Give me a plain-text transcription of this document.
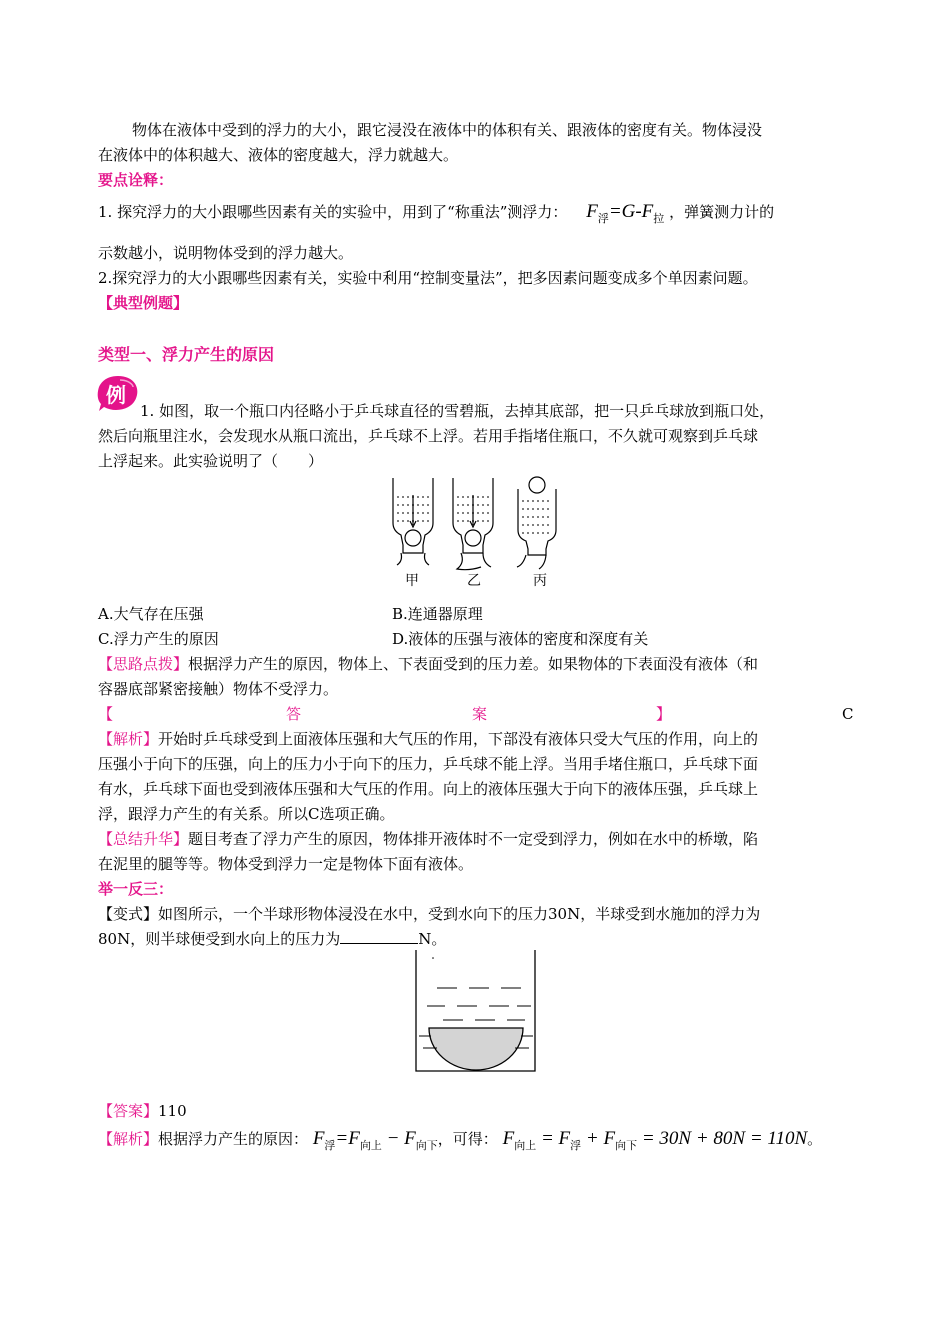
物体在液体中受到的浮力的大小，跟它浸没在液体中的体积有关、跟液体的密度有关。物体浸没
在液体中的体积越大、液体的密度越大，浮力就越大。
要点诠释：
1. 探究浮力的大小跟哪些因素有关的实验中，用到了“称重法”测浮力： $F_浮=G-F_拉$ ，弹簧测力计的
示数越小，说明物体受到的浮力越大。
2.探究浮力的大小跟哪些因素有关，实验中利用“控制变量法”，把多因素问题变成多个单因素问题。
【典型例题】
类型一、浮力产生的原因
例
1. 如图，取一个瓶口内径略小于乒乓球直径的雪碧瓶，去掉其底部，把一只乒乓球放到瓶口处，
然后向瓶里注水，会发现水从瓶口流出，乒乓球不上浮。若用手指堵住瓶口，不久就可观察到乒乓球
上浮起来。此实验说明了（　　）
甲	乙	丙
A.大气存在压强	B.连通器原理
C.浮力产生的原因	D.液体的压强与液体的密度和深度有关
【思路点拨】根据浮力产生的原因，物体上、下表面受到的压力差。如果物体的下表面没有液体（和
容器底部紧密接触）物体不受浮力。
【	答	案	】	C
【解析】开始时乒乓球受到上面液体压强和大气压的作用，下部没有液体只受大气压的作用，向上的
压强小于向下的压强，向上的压力小于向下的压力，乒乓球不能上浮。当用手堵住瓶口，乒乓球下面
有水，乒乓球下面也受到液体压强和大气压的作用。向上的液体压强大于向下的液体压强，乒乓球上
浮，跟浮力产生的有关系。所以C选项正确。
【总结升华】题目考查了浮力产生的原因，物体排开液体时不一定受到浮力，例如在水中的桥墩，陷
在泥里的腿等等。物体受到浮力一定是物体下面有液体。
举一反三：
【变式】如图所示，一个半球形物体浸没在水中，受到水向下的压力30N，半球受到水施加的浮力为
80N，则半球便受到水向上的压力为	N。
【答案】110
【解析】根据浮力产生的原因： $F_浮=F_{向上} - F_{向下}$，可得： $F_{向上} = F_浮 + F_{向下} = 30N + 80N = 110N$。
